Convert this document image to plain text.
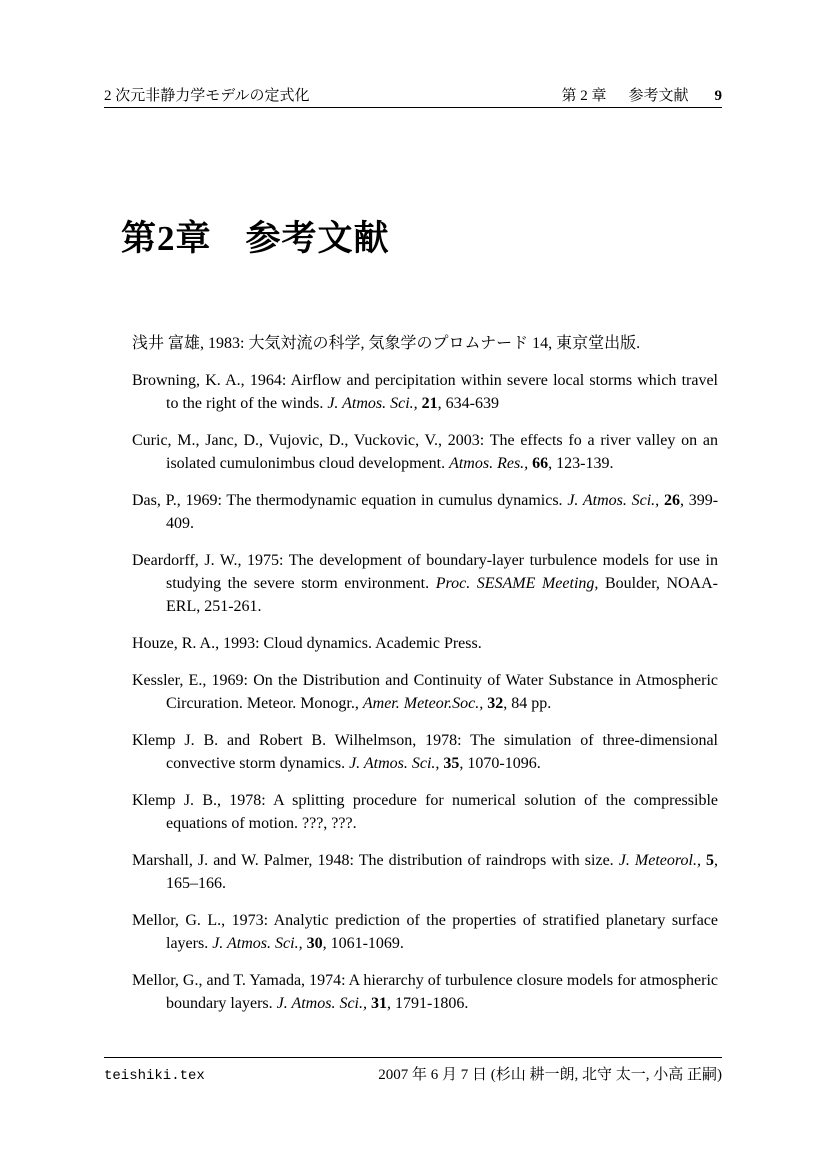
2 次元非静力学モデルの定式化	第 2 章 参考文献 9
第2章 参考文献

浅井 富雄, 1983: 大気対流の科学, 気象学のプロムナード 14, 東京堂出版.

Browning, K. A., 1964: Airflow and percipitation within severe local storms which travel to the right of the winds. J. Atmos. Sci., 21, 634-639

Curic, M., Janc, D., Vujovic, D., Vuckovic, V., 2003: The effects fo a river valley on an isolated cumulonimbus cloud development. Atmos. Res., 66, 123-139.

Das, P., 1969: The thermodynamic equation in cumulus dynamics. J. Atmos. Sci., 26, 399-409.

Deardorff, J. W., 1975: The development of boundary-layer turbulence models for use in studying the severe storm environment. Proc. SESAME Meeting, Boulder, NOAA-ERL, 251-261.

Houze, R. A., 1993: Cloud dynamics. Academic Press.

Kessler, E., 1969: On the Distribution and Continuity of Water Substance in Atmospheric Circuration. Meteor. Monogr., Amer. Meteor.Soc., 32, 84 pp.

Klemp J. B. and Robert B. Wilhelmson, 1978: The simulation of three-dimensional convective storm dynamics. J. Atmos. Sci., 35, 1070-1096.

Klemp J. B., 1978: A splitting procedure for numerical solution of the compressible equations of motion. ???, ???.

Marshall, J. and W. Palmer, 1948: The distribution of raindrops with size. J. Meteorol., 5, 165–166.

Mellor, G. L., 1973: Analytic prediction of the properties of stratified planetary surface layers. J. Atmos. Sci., 30, 1061-1069.

Mellor, G., and T. Yamada, 1974: A hierarchy of turbulence closure models for atmospheric boundary layers. J. Atmos. Sci., 31, 1791-1806.

teishiki.tex	2007 年 6 月 7 日 (杉山 耕一朗, 北守 太一, 小高 正嗣)
